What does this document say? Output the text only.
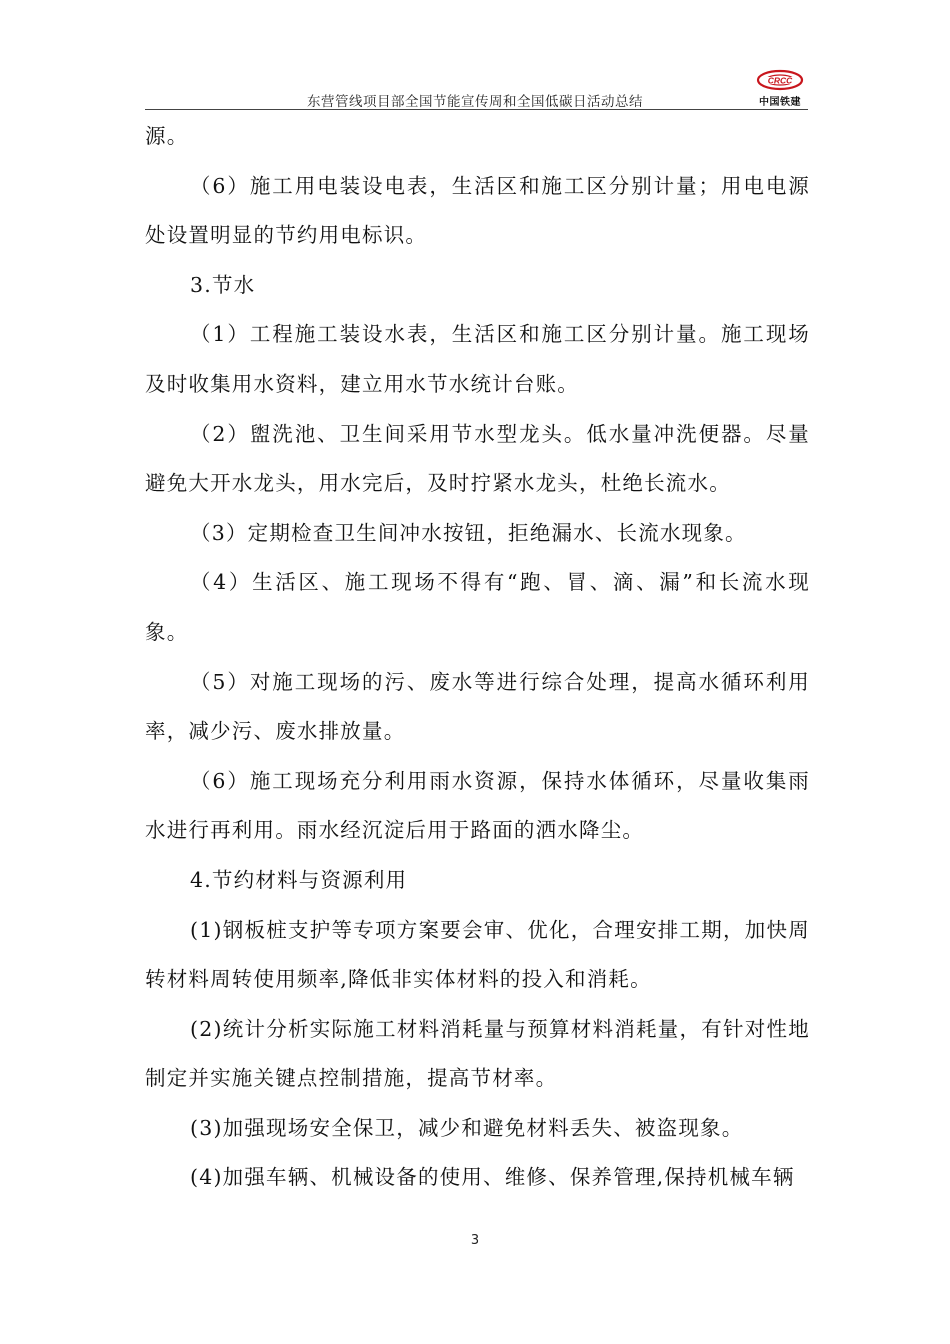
东营管线项目部全国节能宣传周和全国低碳日活动总结
CRCC
中国铁建

源。

（6）施工用电装设电表，生活区和施工区分别计量；用电电源处设置明显的节约用电标识。

3.节水

（1）工程施工装设水表，生活区和施工区分别计量。施工现场及时收集用水资料，建立用水节水统计台账。

（2）盥洗池、卫生间采用节水型龙头。低水量冲洗便器。尽量避免大开水龙头，用水完后，及时拧紧水龙头，杜绝长流水。

（3）定期检查卫生间冲水按钮，拒绝漏水、长流水现象。

（4）生活区、施工现场不得有“跑、冒、滴、漏”和长流水现象。

（5）对施工现场的污、废水等进行综合处理，提高水循环利用率，减少污、废水排放量。

（6）施工现场充分利用雨水资源，保持水体循环，尽量收集雨水进行再利用。雨水经沉淀后用于路面的洒水降尘。

4.节约材料与资源利用

(1)钢板桩支护等专项方案要会审、优化，合理安排工期，加快周转材料周转使用频率,降低非实体材料的投入和消耗。

(2)统计分析实际施工材料消耗量与预算材料消耗量，有针对性地制定并实施关键点控制措施，提高节材率。

(3)加强现场安全保卫，减少和避免材料丢失、被盗现象。

(4)加强车辆、机械设备的使用、维修、保养管理,保持机械车辆

3
